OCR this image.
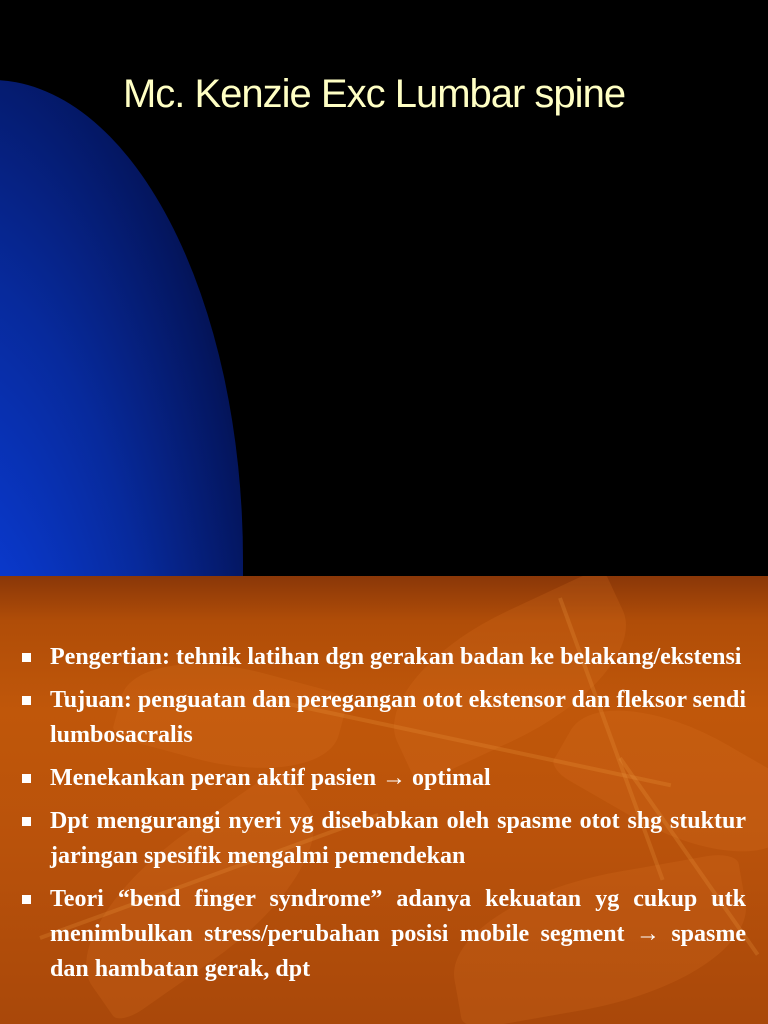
Mc. Kenzie Exc Lumbar spine
Pengertian: tehnik latihan dgn gerakan badan ke belakang/ekstensi
Tujuan: penguatan dan peregangan otot ekstensor dan fleksor sendi lumbosacralis
Menekankan peran aktif pasien → optimal
Dpt mengurangi nyeri yg disebabkan oleh spasme otot shg stuktur jaringan spesifik mengalmi pemendekan
Teori “bend finger syndrome” adanya kekuatan yg cukup utk menimbulkan stress/perubahan posisi mobile segment → spasme dan hambatan gerak, dpt
